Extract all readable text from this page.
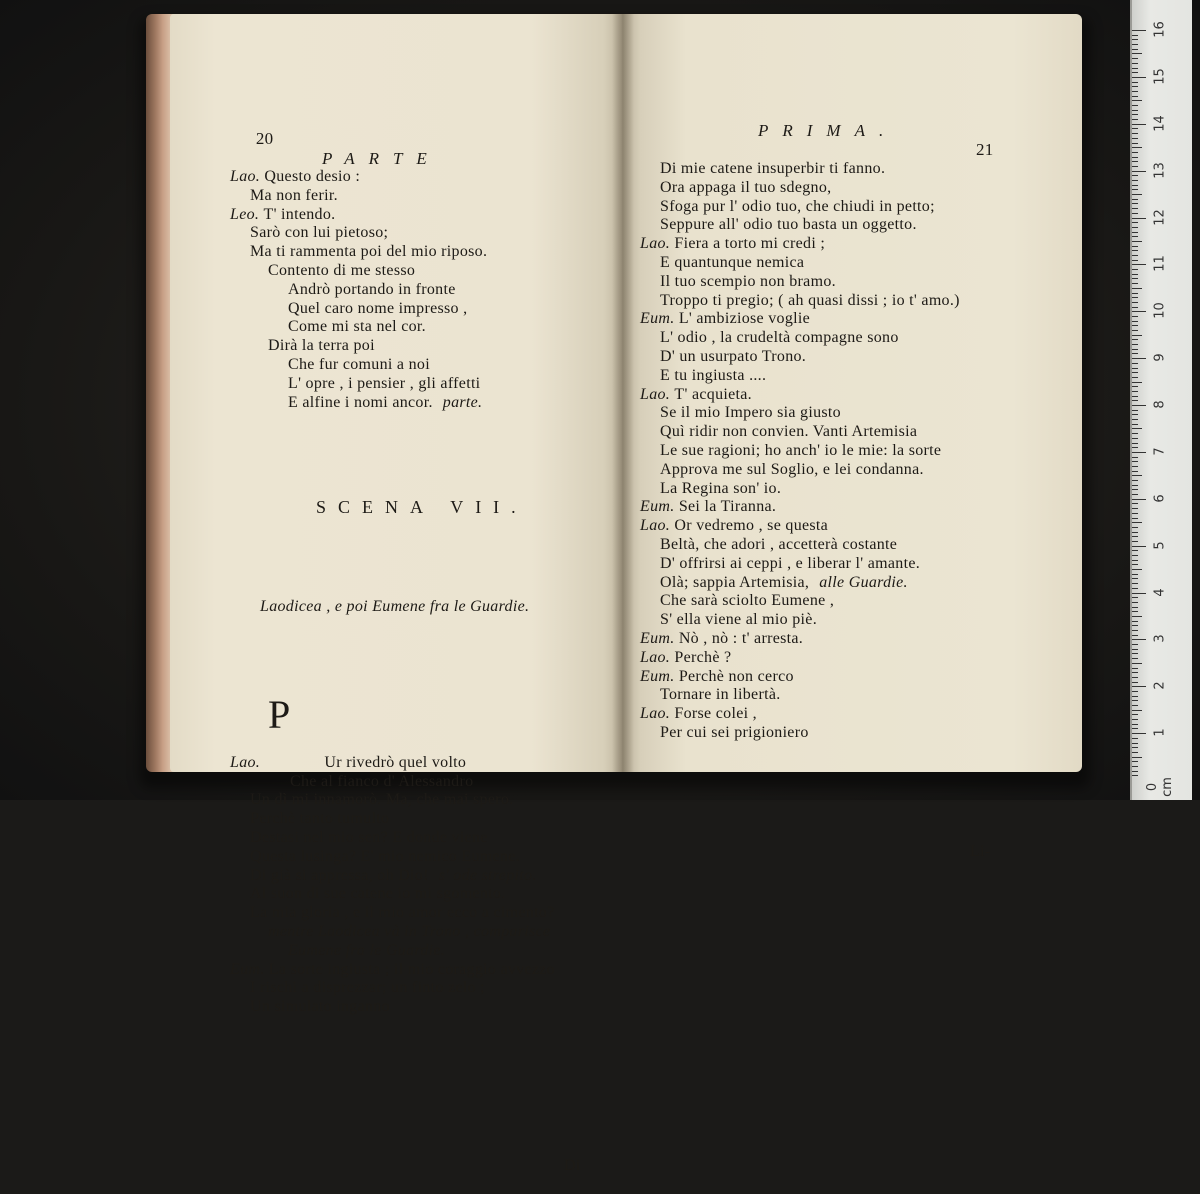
20

PARTE

Lao. Questo desio :
Ma non ferir.
Leo. T' intendo.
Sarò con lui pietoso;
Ma ti rammenta poi del mio riposo.
Contento di me stesso
Andrò portando in fronte
Quel caro nome impresso ,
Come mi sta nel cor.
Dirà la terra poi
Che fur comuni a noi
L' opre , i pensier , gli affetti
E alfine i nomi ancor. parte.

SCENA VII.

Laodicea , e poi Eumene fra le Guardie.

P

Lao.	Ur rivedrò quel volto
Che al fianco d' Alessandro
Un dì mi innamorò. Ma, che mai spero.
Perchè tanto tumulto
Destasi nel mio sen? E donde viene
Questa lusinga? E' mio nemico Eumene.
Di già si appressa, oh Dio! s' ode strepito.
Al suon di sue catene io mi sgomento.
La mia gloria , e il mio amor ecco a cimento?
mentre Laodicea và in Trono , comparisce
Eumene fra le Guardie.
Eum. La sorte ingiusta ; il mio coraggio avvezzo
I rischi a disprezzar; un finto zelo ;
Un simulato inganno

Di

PRIMA.

21

Di mie catene insuperbir ti fanno.
Ora appaga il tuo sdegno,
Sfoga pur l' odio tuo, che chiudi in petto;
Seppure all' odio tuo basta un oggetto.
Lao. Fiera a torto mi credi ;
E quantunque nemica
Il tuo scempio non bramo.
Troppo ti pregio; ( ah quasi dissi ; io t' amo.)
Eum. L' ambiziose voglie
L' odio , la crudeltà compagne sono
D' un usurpato Trono.
E tu ingiusta ....
Lao. T' acquieta.
Se il mio Impero sia giusto
Quì ridir non convien. Vanti Artemisia
Le sue ragioni; ho anch' io le mie: la sorte
Approva me sul Soglio, e lei condanna.
La Regina son' io.
Eum. Sei la Tiranna.
Lao. Or vedremo , se questa
Beltà, che adori , accetterà costante
D' offrirsi ai ceppi , e liberar l' amante.
Olà; sappia Artemisia, alle Guardie.
Che sarà sciolto Eumene ,
S' ella viene al mio piè.
Eum. Nò , nò : t' arresta.
Lao. Perchè ?
Eum. Perchè non cerco
Tornare in libertà.
Lao. Forse colei ,
Per cui sei prigioniero

Li-

16
15
14
13
12
11
10
9
8
7
6
5
4
3
2
1
0 cm
